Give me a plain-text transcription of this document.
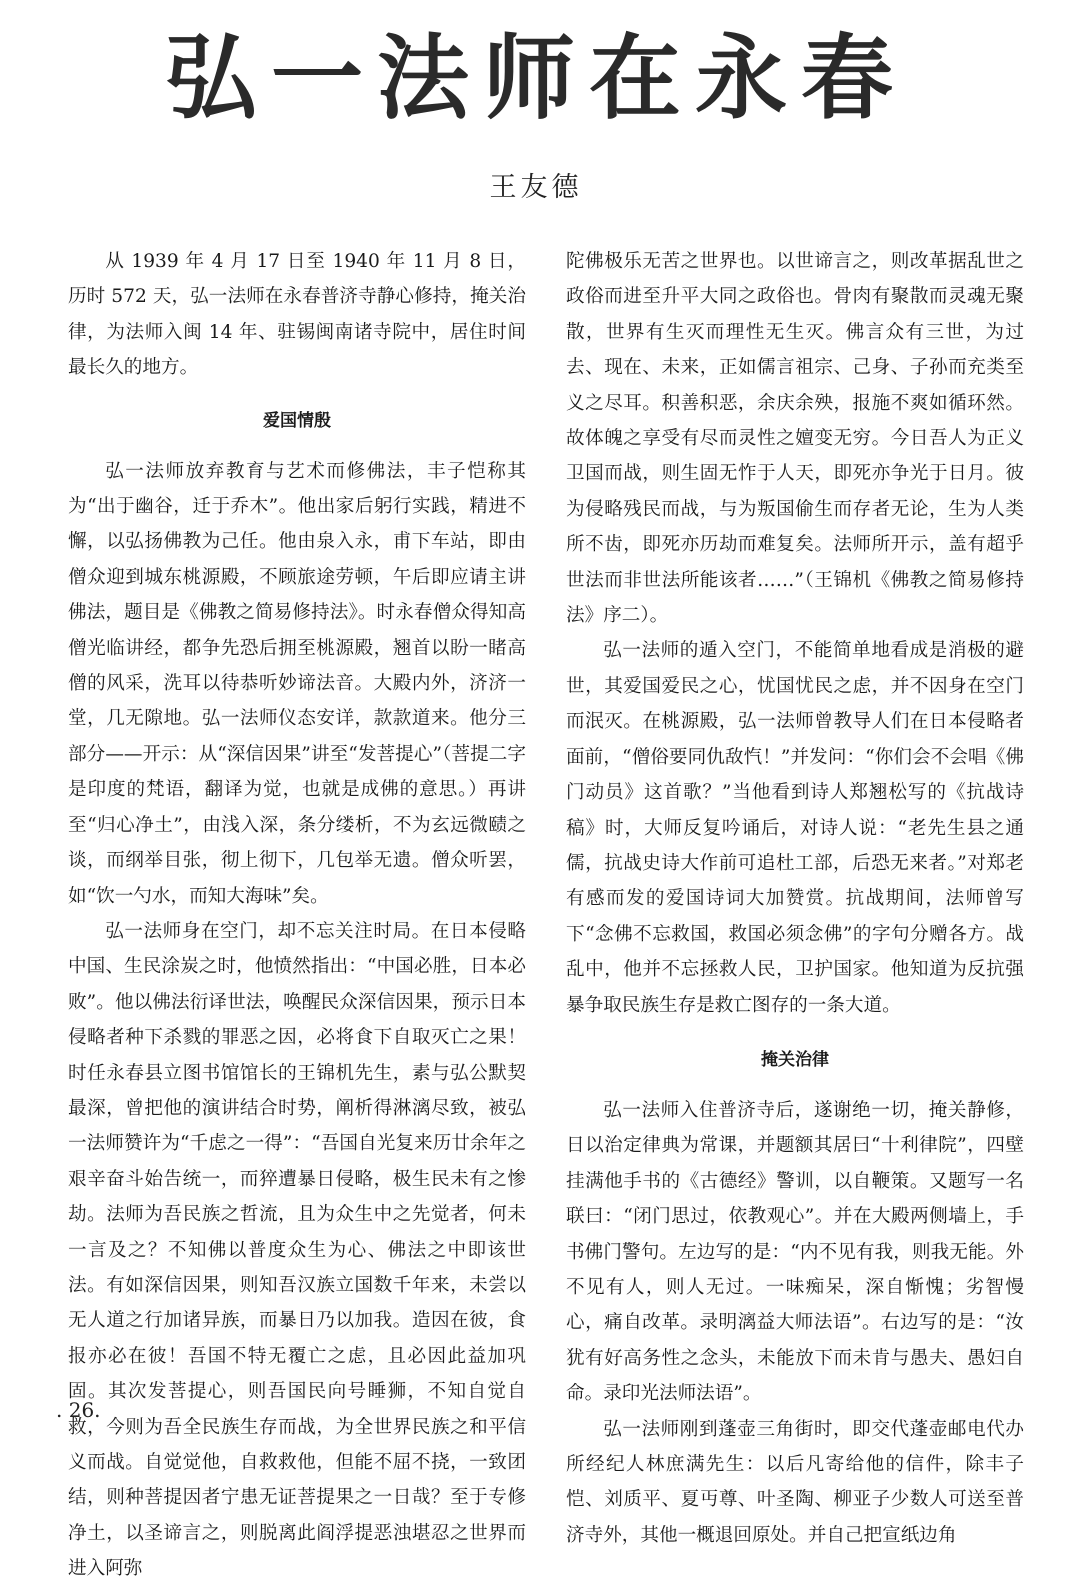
弘一法师在永春
王友德

从 1939 年 4 月 17 日至 1940 年 11 月 8 日，历时 572 天，弘一法师在永春普济寺静心修持，掩关治律，为法师入闽 14 年、驻锡闽南诸寺院中，居住时间最长久的地方。

爱国情殷

弘一法师放弃教育与艺术而修佛法，丰子恺称其为“出于幽谷，迁于乔木”。他出家后躬行实践，精进不懈，以弘扬佛教为己任。他由泉入永，甫下车站，即由僧众迎到城东桃源殿，不顾旅途劳顿，午后即应请主讲佛法，题目是《佛教之简易修持法》。时永春僧众得知高僧光临讲经，都争先恐后拥至桃源殿，翘首以盼一睹高僧的风采，洗耳以待恭听妙谛法音。大殿内外，济济一堂，几无隙地。弘一法师仪态安详，款款道来。他分三部分——开示：从“深信因果”讲至“发菩提心”（菩提二字是印度的梵语，翻译为觉，也就是成佛的意思。）再讲至“归心净土”，由浅入深，条分缕析，不为玄远微赜之谈，而纲举目张，彻上彻下，几包举无遗。僧众听罢，如“饮一勺水，而知大海味”矣。

弘一法师身在空门，却不忘关注时局。在日本侵略中国、生民涂炭之时，他愤然指出：“中国必胜，日本必败”。他以佛法衍译世法，唤醒民众深信因果，预示日本侵略者种下杀戮的罪恶之因，必将食下自取灭亡之果！时任永春县立图书馆馆长的王锦机先生，素与弘公默契最深，曾把他的演讲结合时势，阐析得淋漓尽致，被弘一法师赞许为“千虑之一得”：“吾国自光复来历廿余年之艰辛奋斗始告统一，而猝遭暴日侵略，极生民未有之惨劫。法师为吾民族之哲流，且为众生中之先觉者，何未一言及之？不知佛以普度众生为心、佛法之中即该世法。有如深信因果，则知吾汉族立国数千年来，未尝以无人道之行加诸异族，而暴日乃以加我。造因在彼，食报亦必在彼！吾国不特无覆亡之虑，且必因此益加巩固。其次发菩提心，则吾国民向号睡狮，不知自觉自救，今则为吾全民族生存而战，为全世界民族之和平信义而战。自觉觉他，自救救他，但能不屈不挠，一致团结，则种菩提因者宁患无证菩提果之一日哉？至于专修净土，以圣谛言之，则脱离此阎浮提恶浊堪忍之世界而进入阿弥

陀佛极乐无苦之世界也。以世谛言之，则改革据乱世之政俗而进至升平大同之政俗也。骨肉有聚散而灵魂无聚散，世界有生灭而理性无生灭。佛言众有三世，为过去、现在、未来，正如儒言祖宗、己身、子孙而充类至义之尽耳。积善积恶，余庆余殃，报施不爽如循环然。故体魄之享受有尽而灵性之嬗变无穷。今日吾人为正义卫国而战，则生固无怍于人天，即死亦争光于日月。彼为侵略残民而战，与为叛国偷生而存者无论，生为人类所不齿，即死亦历劫而难复矣。法师所开示，盖有超乎世法而非世法所能该者……”（王锦机《佛教之简易修持法》序二）。

弘一法师的遁入空门，不能简单地看成是消极的避世，其爱国爱民之心，忧国忧民之虑，并不因身在空门而泯灭。在桃源殿，弘一法师曾教导人们在日本侵略者面前，“僧俗要同仇敌忾！”并发问：“你们会不会唱《佛门动员》这首歌？”当他看到诗人郑翘松写的《抗战诗稿》时，大师反复吟诵后，对诗人说：“老先生县之通儒，抗战史诗大作前可追杜工部，后恐无来者。”对郑老有感而发的爱国诗词大加赞赏。抗战期间，法师曾写下“念佛不忘救国，救国必须念佛”的字句分赠各方。战乱中，他并不忘拯救人民，卫护国家。他知道为反抗强暴争取民族生存是救亡图存的一条大道。

掩关治律

弘一法师入住普济寺后，遂谢绝一切，掩关静修，日以治定律典为常课，并题额其居曰“十利律院”，四壁挂满他手书的《古德经》警训，以自鞭策。又题写一名联曰：“闭门思过，依教观心”。并在大殿两侧墙上，手书佛门警句。左边写的是：“内不见有我，则我无能。外不见有人，则人无过。一味痴呆，深自惭愧；劣智慢心，痛自改革。录明漓益大师法语”。右边写的是：“汝犹有好高务性之念头，未能放下而未肯与愚夫、愚妇自命。录印光法师法语”。

弘一法师刚到蓬壶三角街时，即交代蓬壶邮电代办所经纪人林庶满先生：以后凡寄给他的信件，除丰子恺、刘质平、夏丏尊、叶圣陶、柳亚子少数人可送至普济寺外，其他一概退回原处。并自己把宣纸边角

. 26.
